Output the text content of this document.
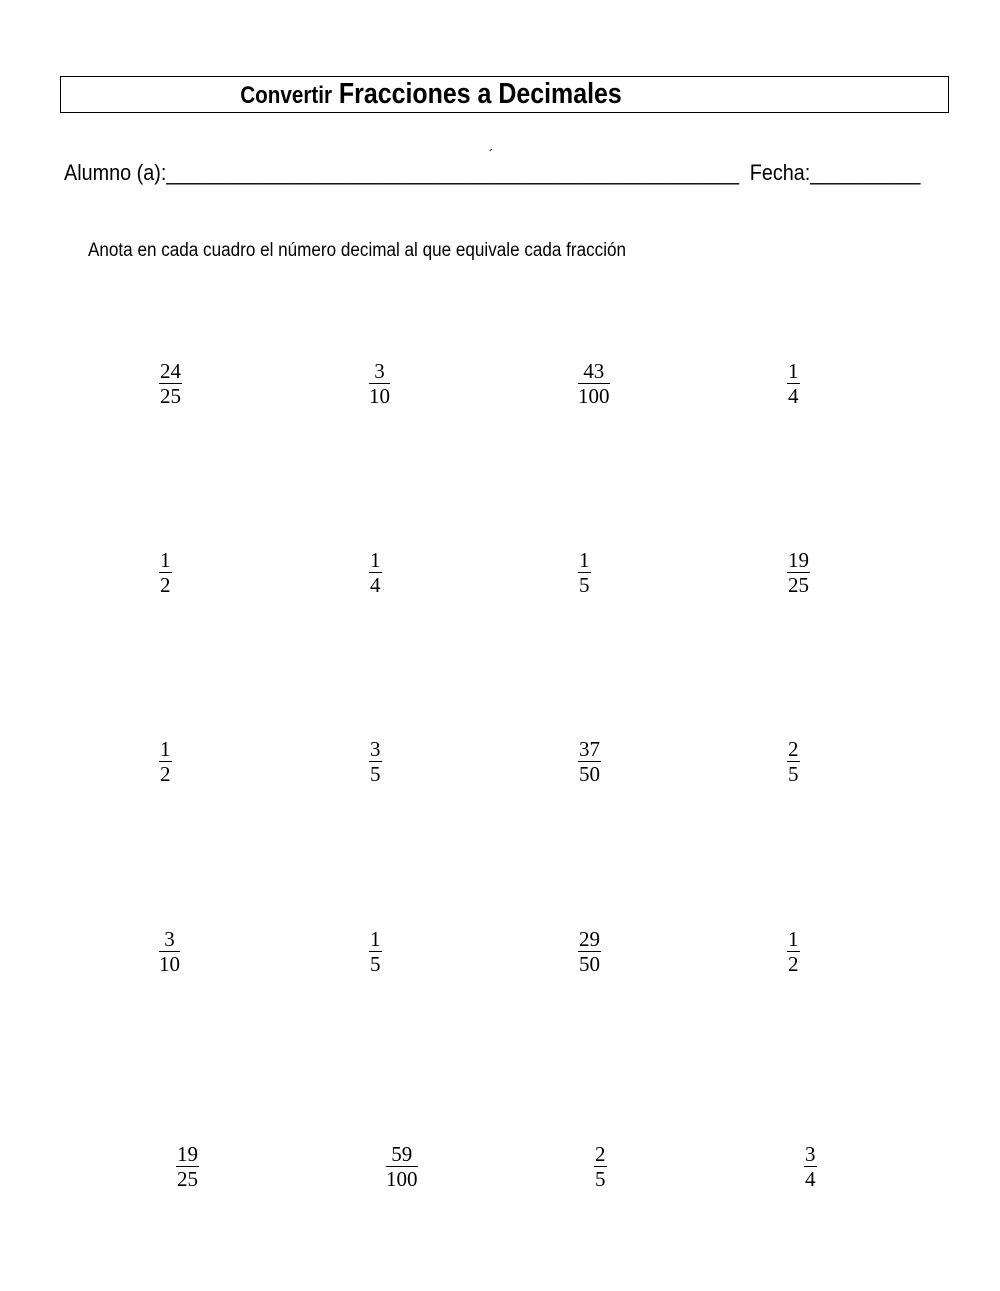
Convertir Fracciones a Decimales
´
Alumno (a):____________________________________________________ Fecha:__________
Anota en cada cuadro el número decimal al que equivale cada fracción
$\frac{24}{25}$	$\frac{3}{10}$	$\frac{43}{100}$	$\frac{1}{4}$
$\frac{1}{2}$	$\frac{1}{4}$	$\frac{1}{5}$	$\frac{19}{25}$
$\frac{1}{2}$	$\frac{3}{5}$	$\frac{37}{50}$	$\frac{2}{5}$
$\frac{3}{10}$	$\frac{1}{5}$	$\frac{29}{50}$	$\frac{1}{2}$
$\frac{19}{25}$	$\frac{59}{100}$	$\frac{2}{5}$	$\frac{3}{4}$
